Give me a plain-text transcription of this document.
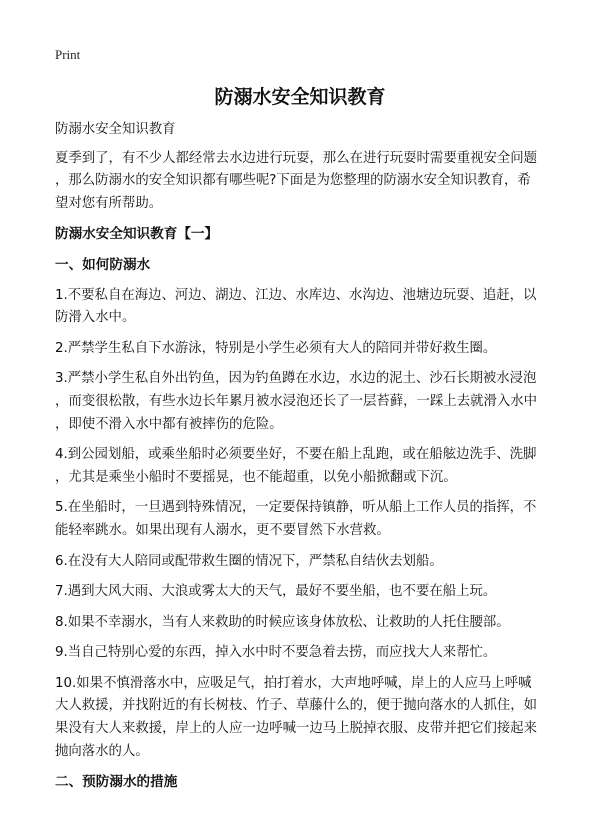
Print
防溺水安全知识教育

防溺水安全知识教育

夏季到了，有不少人都经常去水边进行玩耍，那么在进行玩耍时需要重视安全问题
，那么防溺水的安全知识都有哪些呢?下面是为您整理的防溺水安全知识教育，希
望对您有所帮助。

防溺水安全知识教育【一】
一、如何防溺水

1.不要私自在海边、河边、湖边、江边、水库边、水沟边、池塘边玩耍、追赶，以
防滑入水中。

2.严禁学生私自下水游泳，特别是小学生必须有大人的陪同并带好救生圈。

3.严禁小学生私自外出钓鱼，因为钓鱼蹲在水边，水边的泥土、沙石长期被水浸泡
，而变很松散，有些水边长年累月被水浸泡还长了一层苔藓，一踩上去就滑入水中
，即使不滑入水中都有被摔伤的危险。

4.到公园划船，或乘坐船时必须要坐好，不要在船上乱跑，或在船舷边洗手、洗脚
，尤其是乘坐小船时不要摇晃，也不能超重，以免小船掀翻或下沉。

5.在坐船时，一旦遇到特殊情况，一定要保持镇静，听从船上工作人员的指挥，不
能轻率跳水。如果出现有人溺水，更不要冒然下水营救。

6.在没有大人陪同或配带救生圈的情况下，严禁私自结伙去划船。

7.遇到大风大雨、大浪或雾太大的天气，最好不要坐船，也不要在船上玩。

8.如果不幸溺水，当有人来救助的时候应该身体放松、让救助的人托住腰部。

9.当自己特别心爱的东西，掉入水中时不要急着去捞，而应找大人来帮忙。

10.如果不慎滑落水中，应吸足气，拍打着水，大声地呼喊，岸上的人应马上呼喊
大人救援，并找附近的有长树枝、竹子、草藤什么的，便于抛向落水的人抓住，如
果没有大人来救援，岸上的人应一边呼喊一边马上脱掉衣服、皮带并把它们接起来
抛向落水的人。

二、预防溺水的措施
